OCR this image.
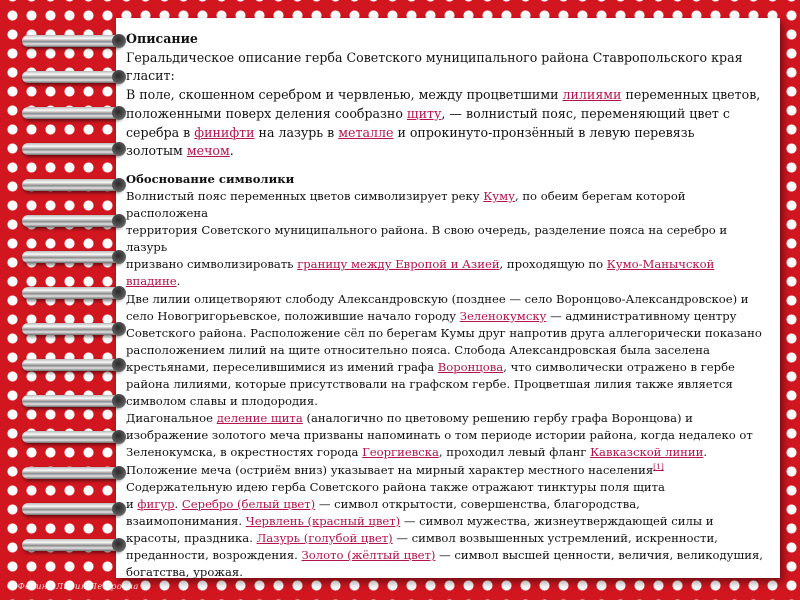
Описание
Геральдическое описание герба Советского муниципального района Ставропольского края
гласит:
В поле, скошенном серебром и червленью, между процветшими лилиями переменных цветов,
положенными поверх деления сообразно щиту, — волнистый пояс, переменяющий цвет с
серебра в финифти на лазурь в металле и опрокинуто-пронзённый в левую перевязь
золотым мечом.
Обоснование символики
Волнистый пояс переменных цветов символизирует реку Куму, по обеим берегам которой расположена
территория Советского муниципального района. В свою очередь, разделение пояса на серебро и лазурь
призвано символизировать границу между Европой и Азией, проходящую по Кумо-Манычской
впадине.
Две лилии олицетворяют слободу Александровскую (позднее — село Воронцово-Александровское) и
село Новогригорьевское, положившие начало городу Зеленокумску — административному центру
Советского района. Расположение сёл по берегам Кумы друг напротив друга аллегорически показано
расположением лилий на щите относительно пояса. Слобода Александровская была заселена
крестьянами, переселившимися из имений графа Воронцова, что символически отражено в гербе
района лилиями, которые присутствовали на графском гербе. Процветшая лилия также является
символом славы и плодородия.
Диагональное деление щита (аналогично по цветовому решению гербу графа Воронцова) и
изображение золотого меча призваны напоминать о том периоде истории района, когда недалеко от
Зеленокумска, в окрестностях города Георгиевска, проходил левый фланг Кавказской линии.
Положение меча (остриём вниз) указывает на мирный характер местного населения[1]
Содержательную идею герба Советского района также отражают тинктуры поля щита
и фигур. Серебро (белый цвет) — символ открытости, совершенства, благородства,
взаимопонимания. Червлень (красный цвет) — символ мужества, жизнеутверждающей силы и
красоты, праздника. Лазурь (голубой цвет) — символ возвышенных устремлений, искренности,
преданности, возрождения. Золото (жёлтый цвет) — символ высшей ценности, величия, великодушия,
богатства, урожая.
© Фокина Лидия Петровна
